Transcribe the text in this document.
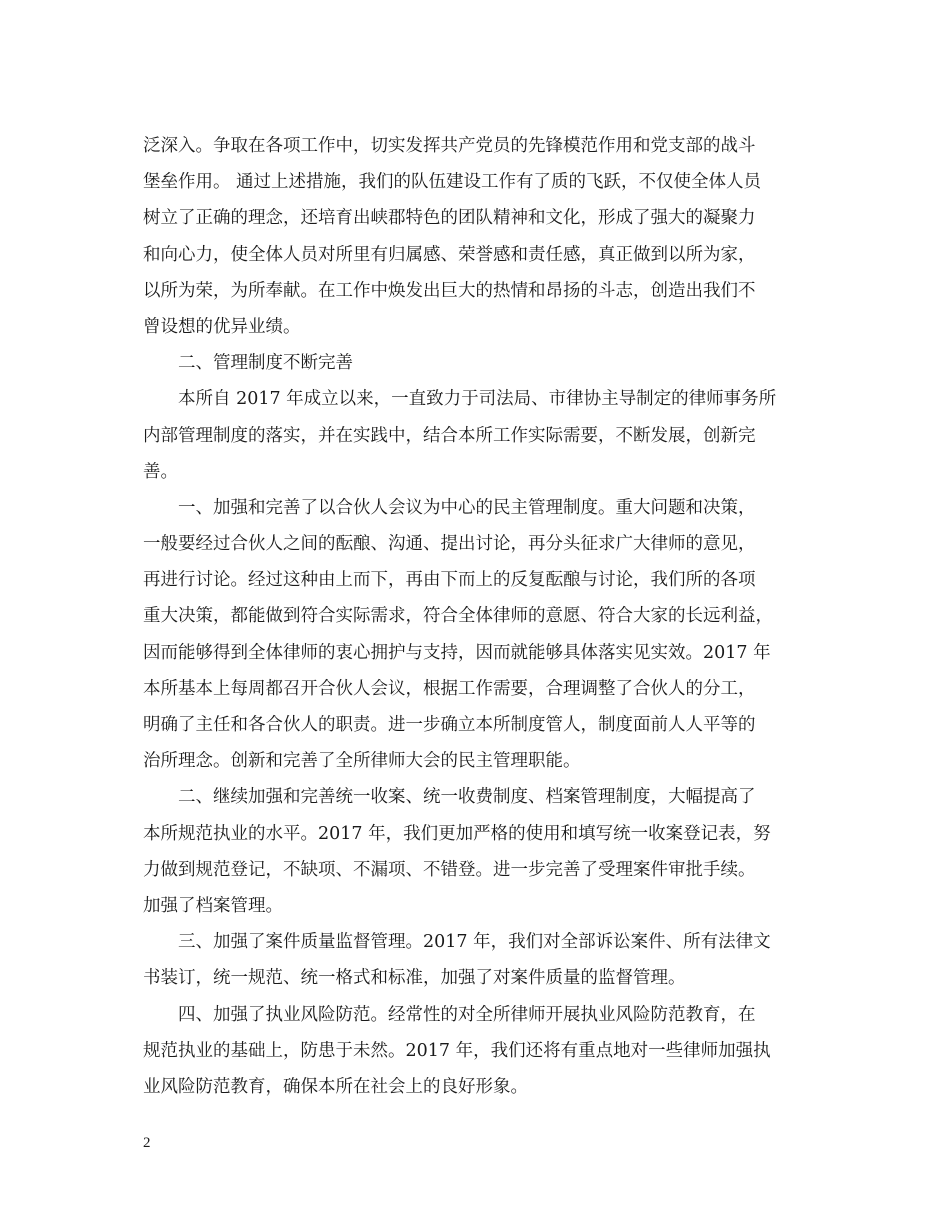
泛深入。争取在各项工作中，切实发挥共产党员的先锋模范作用和党支部的战斗
堡垒作用。 通过上述措施，我们的队伍建设工作有了质的飞跃，不仅使全体人员
树立了正确的理念，还培育出峡郡特色的团队精神和文化，形成了强大的凝聚力
和向心力，使全体人员对所里有归属感、荣誉感和责任感，真正做到以所为家，
以所为荣，为所奉献。在工作中焕发出巨大的热情和昂扬的斗志，创造出我们不
曾设想的优异业绩。
二、管理制度不断完善
本所自 2017 年成立以来，一直致力于司法局、市律协主导制定的律师事务所
内部管理制度的落实，并在实践中，结合本所工作实际需要，不断发展，创新完
善。
一、加强和完善了以合伙人会议为中心的民主管理制度。重大问题和决策，
一般要经过合伙人之间的酝酿、沟通、提出讨论，再分头征求广大律师的意见，
再进行讨论。经过这种由上而下，再由下而上的反复酝酿与讨论，我们所的各项
重大决策，都能做到符合实际需求，符合全体律师的意愿、符合大家的长远利益，
因而能够得到全体律师的衷心拥护与支持，因而就能够具体落实见实效。2017 年
本所基本上每周都召开合伙人会议，根据工作需要，合理调整了合伙人的分工，
明确了主任和各合伙人的职责。进一步确立本所制度管人，制度面前人人平等的
治所理念。创新和完善了全所律师大会的民主管理职能。
二、继续加强和完善统一收案、统一收费制度、档案管理制度，大幅提高了
本所规范执业的水平。2017 年，我们更加严格的使用和填写统一收案登记表，努
力做到规范登记，不缺项、不漏项、不错登。进一步完善了受理案件审批手续。
加强了档案管理。
三、加强了案件质量监督管理。2017 年，我们对全部诉讼案件、所有法律文
书装订，统一规范、统一格式和标准，加强了对案件质量的监督管理。
四、加强了执业风险防范。经常性的对全所律师开展执业风险防范教育，在
规范执业的基础上，防患于未然。2017 年，我们还将有重点地对一些律师加强执
业风险防范教育，确保本所在社会上的良好形象。
2
